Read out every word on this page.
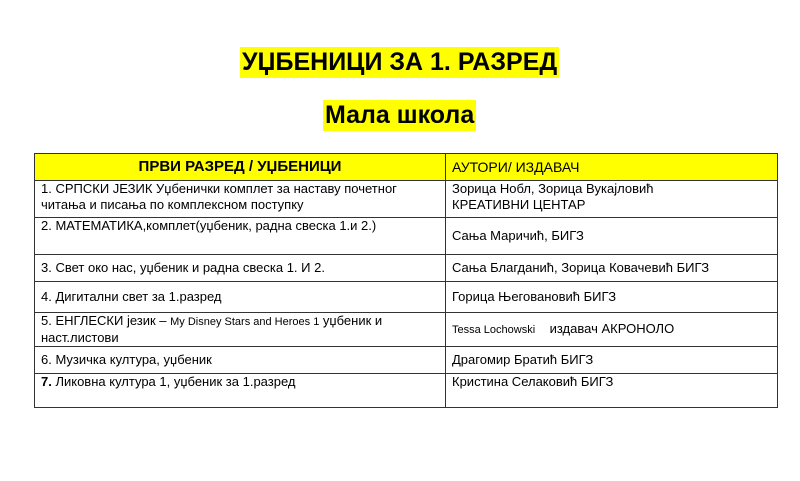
УЏБЕНИЦИ ЗА 1. РАЗРЕД
Мала школа
ПРВИ РАЗРЕД / УЏБЕНИЦИ	АУТОРИ/ ИЗДАВАЧ
1. СРПСКИ ЈЕЗИК Уџбенички комплет за наставу почетног читања и писања по комплексном поступку	Зорица Нобл, Зорица Вукајловић
КРЕАТИВНИ ЦЕНТАР

2. МАТЕМАТИКА,комплет(уџбеник, радна свеска 1.и 2.)	Сања Маричић, БИГЗ
3. Свет око нас, уџбеник и радна свеска 1. И 2.	Сања Благданић, Зорица Ковачевић БИГЗ
4. Дигитални свет за 1.разред	Горица Његовановић БИГЗ
5. ЕНГЛЕСКИ језик – My Disney Stars and Heroes 1 уџбеник и наст.листови	Tessa Lochowski издавач АКРОНОЛО
6. Музичка култура, уџбеник	Драгомир Братић БИГЗ
7. Ликовна култура 1, уџбеник за 1.разред	Кристина Селаковић БИГЗ
